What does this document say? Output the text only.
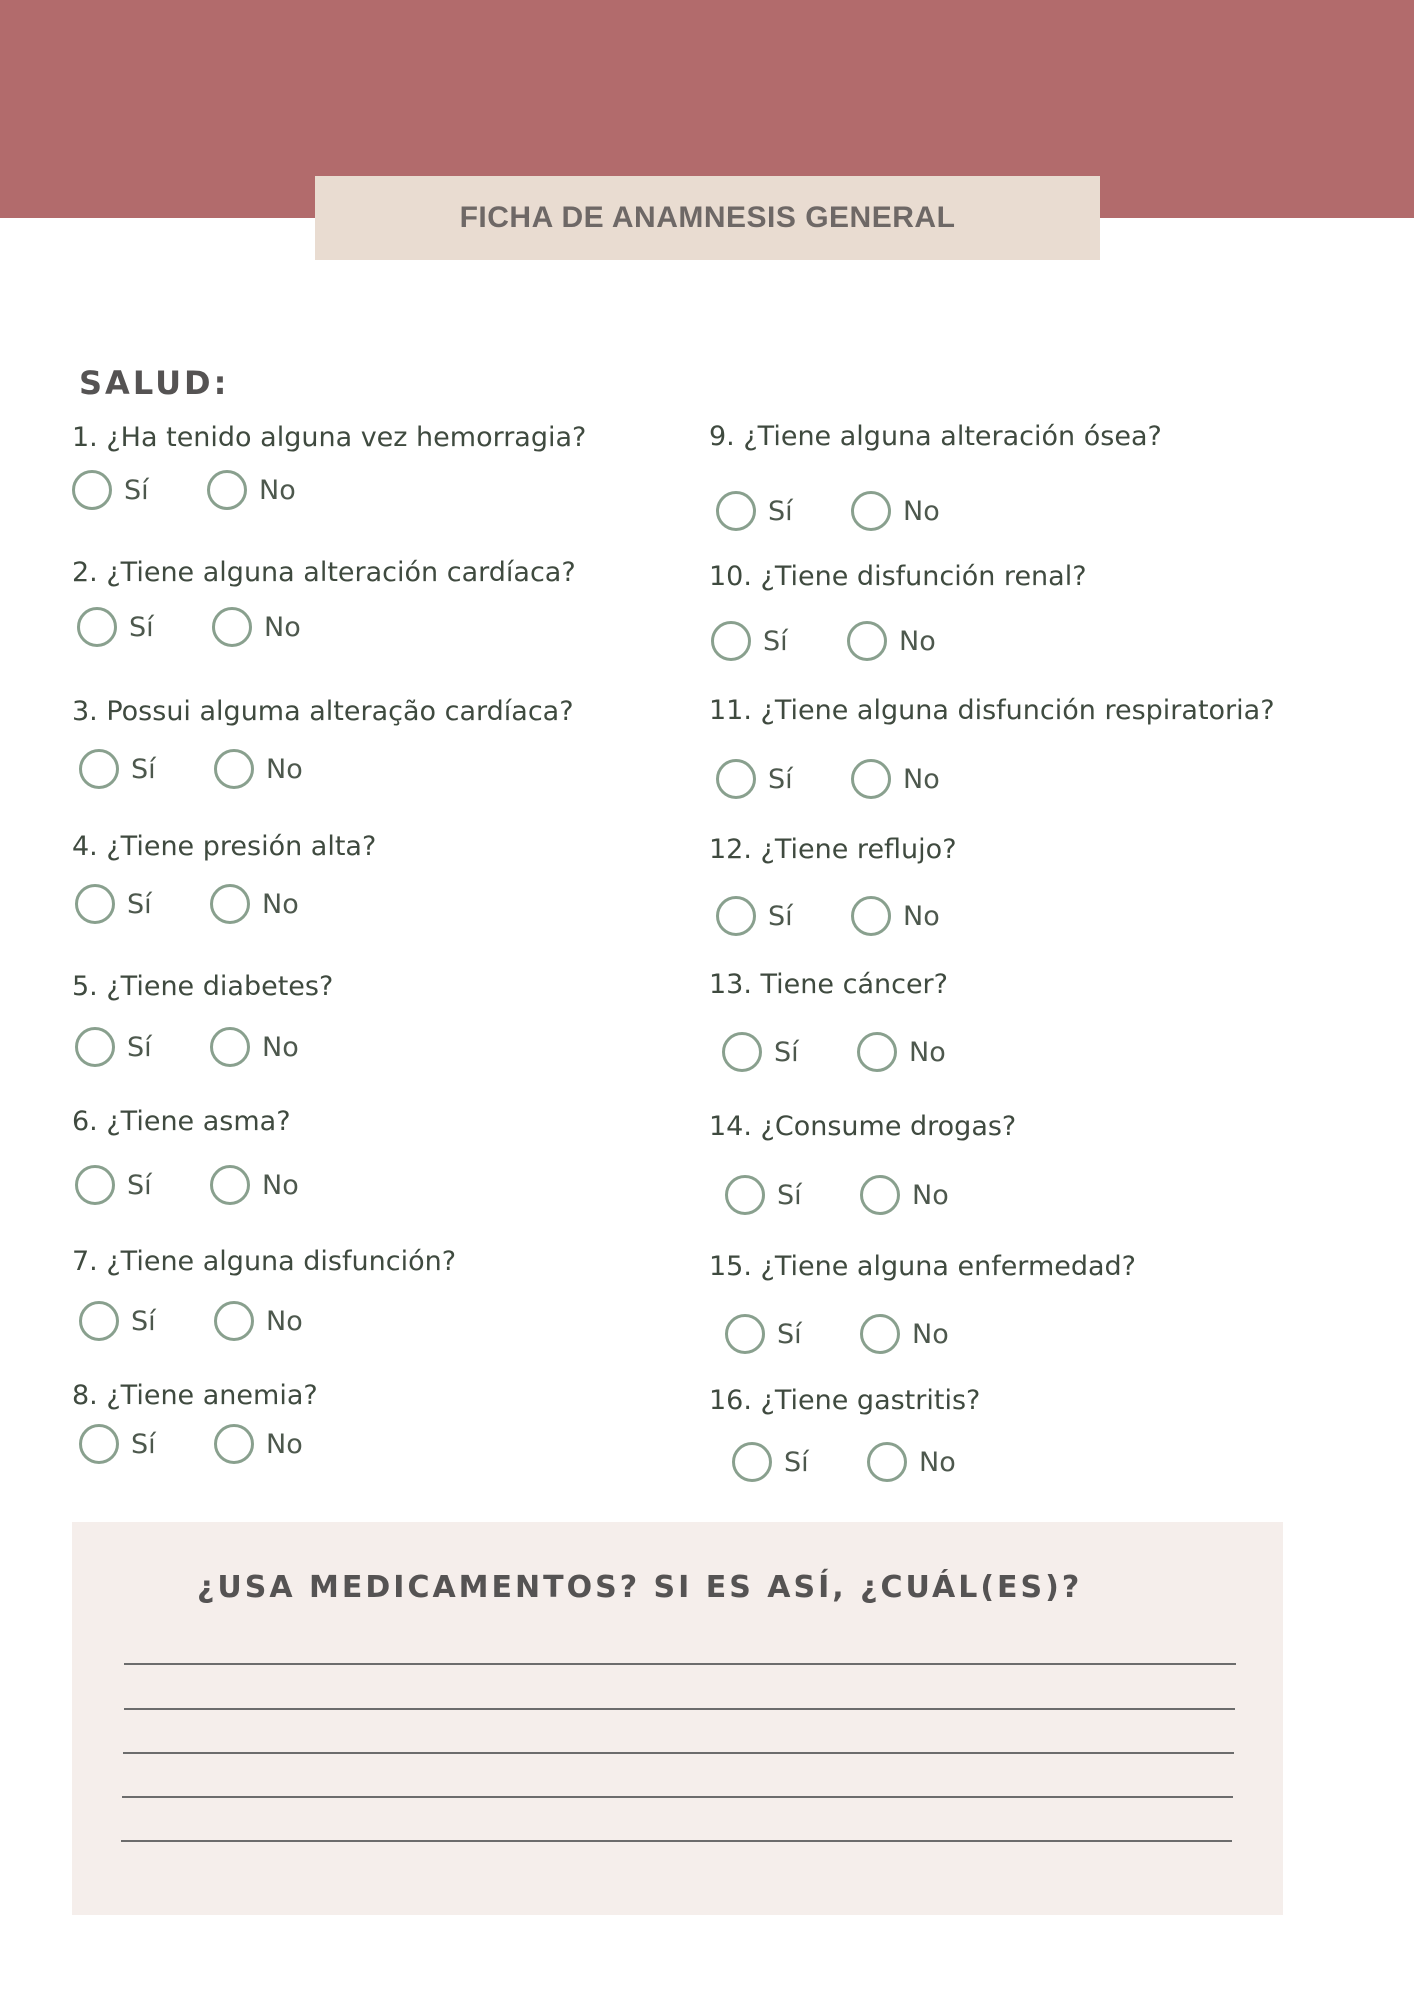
FICHA DE ANAMNESIS GENERAL
SALUD:
1. ¿Ha tenido alguna vez hemorragia?
Sí	No
2. ¿Tiene alguna alteración cardíaca?
Sí	No
3. Possui alguma alteração cardíaca?
Sí	No
4. ¿Tiene presión alta?
Sí	No
5. ¿Tiene diabetes?
Sí	No
6. ¿Tiene asma?
Sí	No
7. ¿Tiene alguna disfunción?
Sí	No
8. ¿Tiene anemia?
Sí	No
9. ¿Tiene alguna alteración ósea?
Sí	No
10. ¿Tiene disfunción renal?
Sí	No
11. ¿Tiene alguna disfunción respiratoria?
Sí	No
12. ¿Tiene reflujo?
Sí	No
13. Tiene cáncer?
Sí	No
14. ¿Consume drogas?
Sí	No
15. ¿Tiene alguna enfermedad?
Sí	No
16. ¿Tiene gastritis?
Sí	No
¿USA MEDICAMENTOS? SI ES ASÍ, ¿CUÁL(ES)?
